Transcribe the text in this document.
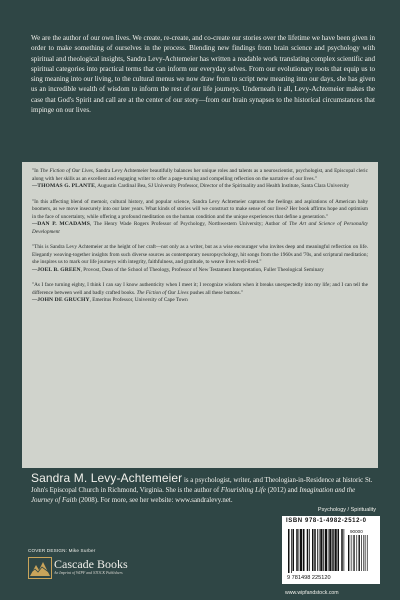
We are the author of our own lives. We create, re-create, and co-create our stories over the lifetime we have been given in order to make something of ourselves in the process. Blending new findings from brain science and psychology with spiritual and theological insights, Sandra Levy-Achtemeier has written a readable work translating complex scientific and spiritual categories into practical terms that can inform our everyday selves. From our evolutionary roots that equip us to sing meaning into our living, to the cultural menus we now draw from to script new meaning into our days, she has given us an incredible wealth of wisdom to inform the rest of our life journeys. Underneath it all, Levy-Achtemeier makes the case that God's Spirit and call are at the center of our story—from our brain synapses to the historical circumstances that impinge on our lives.

"In The Fiction of Our Lives, Sandra Levy Achtemeier beautifully balances her unique roles and talents as a neuroscientist, psychologist, and Episcopal cleric along with her skills as an excellent and engaging writer to offer a page-turning and compelling reflection on the narrative of our lives."

—THOMAS G. PLANTE, Augustin Cardinal Bea, SJ University Professor, Director of the Spirituality and Health Institute, Santa Clara University

"In this affecting blend of memoir, cultural history, and popular science, Sandra Levy Achtemeier captures the feelings and aspirations of American baby boomers, as we move insecurely into our later years. What kinds of stories will we construct to make sense of our lives? Her book affirms hope and optimism in the face of uncertainty, while offering a profound meditation on the human condition and the unique experiences that define a generation."

—DAN P. MCADAMS, The Henry Wade Rogers Professor of Psychology, Northwestern University; Author of The Art and Science of Personality Development

"This is Sandra Levy Achtemeier at the height of her craft—not only as a writer, but as a wise encourager who invites deep and meaningful reflection on life. Elegantly weaving-together insights from such diverse sources as contemporary neuropsychology, hit songs from the 1960s and '70s, and scriptural meditation; she inspires us to mark our life journeys with integrity, faithfulness, and gratitude, to weave lives well-lived."

—JOEL B. GREEN, Provost, Dean of the School of Theology, Professor of New Testament Interpretation, Fuller Theological Seminary

"As I face turning eighty, I think I can say I know authenticity when I meet it; I recognize wisdom when it breaks unexpectedly into my life; and I can tell the difference between well and badly crafted books. The Fiction of Our Lives pushes all these buttons."

—JOHN DE GRUCHY, Emeritus Professor, University of Cape Town

Sandra M. Levy-Achtemeier is a psychologist, writer, and Theologian-in-Residence at historic St. John's Episcopal Church in Richmond, Virginia. She is the author of Flourishing Life (2012) and Imagination and the Journey of Faith (2008). For more, see her website: www.sandralevy.net.

Psychology / Spirituality
ISBN 978-1-4982-2512-0
9 781498 225120
90000
COVER DESIGN: Mike Surber
Cascade Books
An Imprint of WIPF and STOCK Publishers
www.wipfandstock.com
